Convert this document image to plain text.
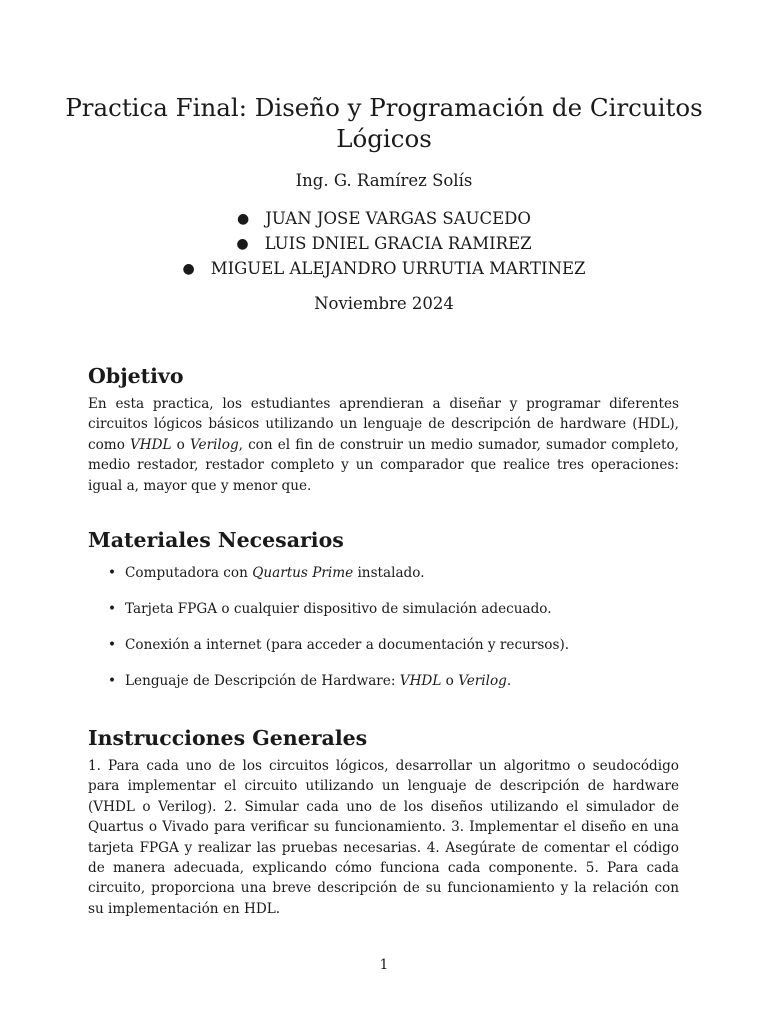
Practica Final: Diseño y Programación de Circuitos Lógicos
Ing. G. Ramírez Solís
● JUAN JOSE VARGAS SAUCEDO
● LUIS DNIEL GRACIA RAMIREZ
● MIGUEL ALEJANDRO URRUTIA MARTINEZ
Noviembre 2024
Objetivo

En esta practica, los estudiantes aprendieran a diseñar y programar diferentes circuitos lógicos básicos utilizando un lenguaje de descripción de hardware (HDL), como VHDL o Verilog, con el fin de construir un medio sumador, sumador completo, medio restador, restador completo y un comparador que realice tres operaciones: igual a, mayor que y menor que.

Materiales Necesarios
• Computadora con Quartus Prime instalado.
• Tarjeta FPGA o cualquier dispositivo de simulación adecuado.
• Conexión a internet (para acceder a documentación y recursos).
• Lenguaje de Descripción de Hardware: VHDL o Verilog.
Instrucciones Generales

1. Para cada uno de los circuitos lógicos, desarrollar un algoritmo o seudocódigo para implementar el circuito utilizando un lenguaje de descripción de hardware (VHDL o Verilog). 2. Simular cada uno de los diseños utilizando el simulador de Quartus o Vivado para verificar su funcionamiento. 3. Implementar el diseño en una tarjeta FPGA y realizar las pruebas necesarias. 4. Asegúrate de comentar el código de manera adecuada, explicando cómo funciona cada componente. 5. Para cada circuito, proporciona una breve descripción de su funcionamiento y la relación con su implementación en HDL.

1
